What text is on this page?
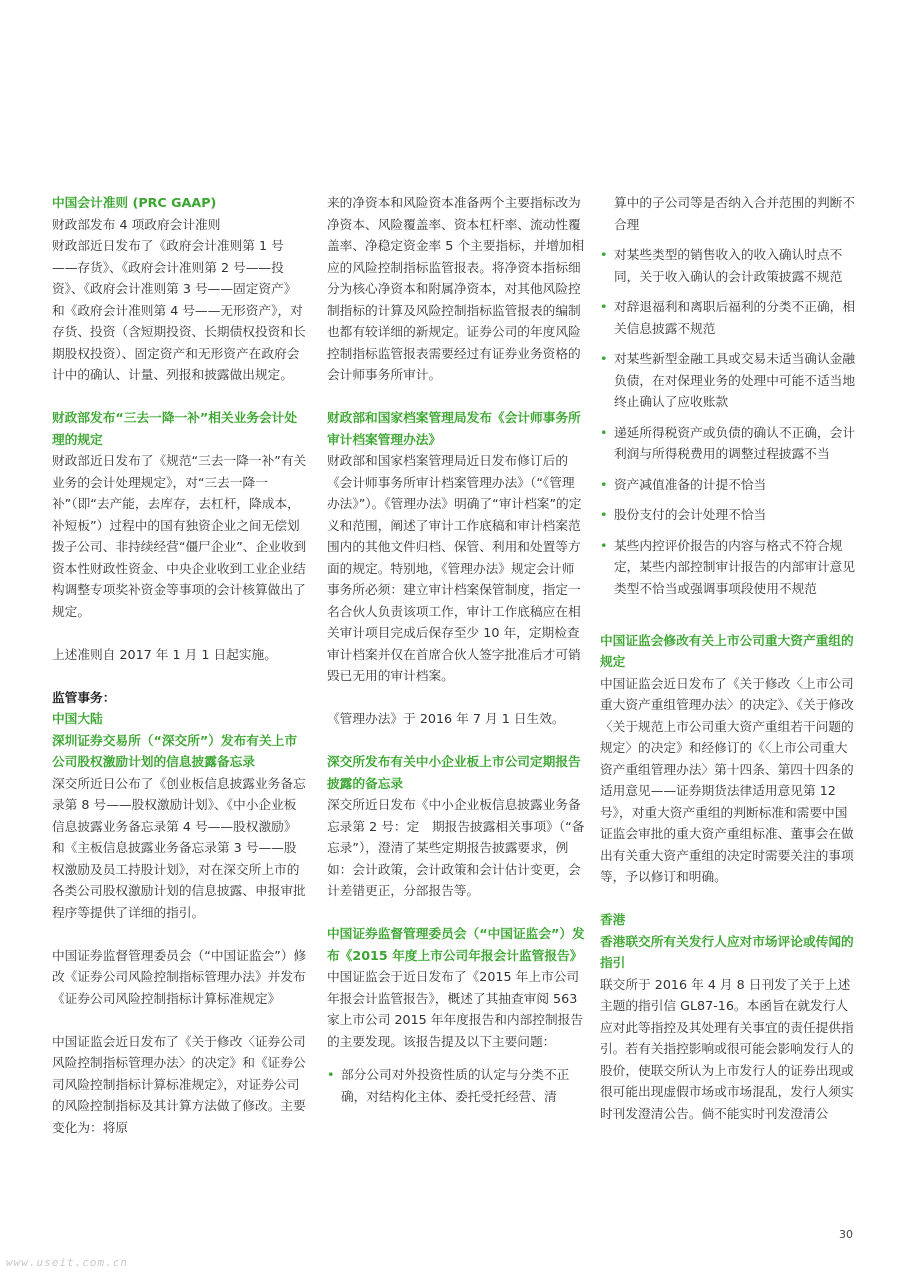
中国会计准则 (PRC GAAP)

财政部发布 4 项政府会计准则

财政部近日发布了《政府会计准则第 1 号——存货》、《政府会计准则第 2 号——投资》、《政府会计准则第 3 号——固定资产》和《政府会计准则第 4 号——无形资产》，对存货、投资（含短期投资、长期债权投资和长期股权投资）、固定资产和无形资产在政府会计中的确认、计量、列报和披露做出规定。

财政部发布“三去一降一补”相关业务会计处理的规定

财政部近日发布了《规范“三去一降一补”有关业务的会计处理规定》，对“三去一降一补”（即“去产能，去库存，去杠杆，降成本，补短板”）过程中的国有独资企业之间无偿划拨子公司、非持续经营“僵尸企业”、企业收到资本性财政性资金、中央企业收到工业企业结构调整专项奖补资金等事项的会计核算做出了规定。

上述准则自 2017 年 1 月 1 日起实施。

监管事务：

中国大陆

深圳证券交易所（“深交所”）发布有关上市公司股权激励计划的信息披露备忘录

深交所近日公布了《创业板信息披露业务备忘录第 8 号——股权激励计划》、《中小企业板信息披露业务备忘录第 4 号——股权激励》和《主板信息披露业务备忘录第 3 号——股权激励及员工持股计划》，对在深交所上市的各类公司股权激励计划的信息披露、申报审批程序等提供了详细的指引。

中国证券监督管理委员会（“中国证监会”）修改《证券公司风险控制指标管理办法》并发布《证券公司风险控制指标计算标准规定》

中国证监会近日发布了《关于修改〈证券公司风险控制指标管理办法〉的决定》和《证券公司风险控制指标计算标准规定》，对证券公司的风险控制指标及其计算方法做了修改。主要变化为：将原

来的净资本和风险资本准备两个主要指标改为净资本、风险覆盖率、资本杠杆率、流动性覆盖率、净稳定资金率 5 个主要指标，并增加相应的风险控制指标监管报表。将净资本指标细分为核心净资本和附属净资本，对其他风险控制指标的计算及风险控制指标监管报表的编制也都有较详细的新规定。证券公司的年度风险控制指标监管报表需要经过有证券业务资格的会计师事务所审计。

财政部和国家档案管理局发布《会计师事务所审计档案管理办法》

财政部和国家档案管理局近日发布修订后的《会计师事务所审计档案管理办法》（“《管理办法》”）。《管理办法》明确了“审计档案”的定义和范围，阐述了审计工作底稿和审计档案范围内的其他文件归档、保管、利用和处置等方面的规定。特别地，《管理办法》规定会计师事务所必须：建立审计档案保管制度，指定一名合伙人负责该项工作，审计工作底稿应在相关审计项目完成后保存至少 10 年，定期检查审计档案并仅在首席合伙人签字批准后才可销毁已无用的审计档案。

《管理办法》于 2016 年 7 月 1 日生效。

深交所发布有关中小企业板上市公司定期报告披露的备忘录

深交所近日发布《中小企业板信息披露业务备忘录第 2 号：定　期报告披露相关事项》（“备忘录”），澄清了某些定期报告披露要求，例如：会计政策，会计政策和会计估计变更，会计差错更正，分部报告等。

中国证券监督管理委员会（“中国证监会”）发布《2015 年度上市公司年报会计监管报告》

中国证监会于近日发布了《2015 年上市公司年报会计监管报告》，概述了其抽查审阅 563 家上市公司 2015 年年度报告和内部控制报告的主要发现。该报告提及以下主要问题：

• 部分公司对外投资性质的认定与分类不正确，对结构化主体、委托受托经营、清

算中的子公司等是否纳入合并范围的判断不合理

• 对某些类型的销售收入的收入确认时点不同，关于收入确认的会计政策披露不规范
• 对辞退福利和离职后福利的分类不正确，相关信息披露不规范
• 对某些新型金融工具或交易未适当确认金融负债，在对保理业务的处理中可能不适当地终止确认了应收账款
• 递延所得税资产或负债的确认不正确，会计利润与所得税费用的调整过程披露不当
• 资产减值准备的计提不恰当
• 股份支付的会计处理不恰当
• 某些内控评价报告的内容与格式不符合规定，某些内部控制审计报告的内部审计意见类型不恰当或强调事项段使用不规范

中国证监会修改有关上市公司重大资产重组的规定

中国证监会近日发布了《关于修改〈上市公司重大资产重组管理办法〉的决定》、《关于修改〈关于规范上市公司重大资产重组若干问题的规定〉的决定》和经修订的《〈上市公司重大资产重组管理办法〉第十四条、第四十四条的适用意见——证券期货法律适用意见第 12 号》，对重大资产重组的判断标准和需要中国证监会审批的重大资产重组标准、董事会在做出有关重大资产重组的决定时需要关注的事项等，予以修订和明确。

香港

香港联交所有关发行人应对市场评论或传闻的指引

联交所于 2016 年 4 月 8 日刊发了关于上述主题的指引信 GL87-16。本函旨在就发行人应对此等指控及其处理有关事宜的责任提供指引。若有关指控影响或很可能会影响发行人的股价，使联交所认为上市发行人的证券出现或很可能出现虚假市场或市场混乱，发行人须实时刊发澄清公告。倘不能实时刊发澄清公

30
www.useit.com.cn
